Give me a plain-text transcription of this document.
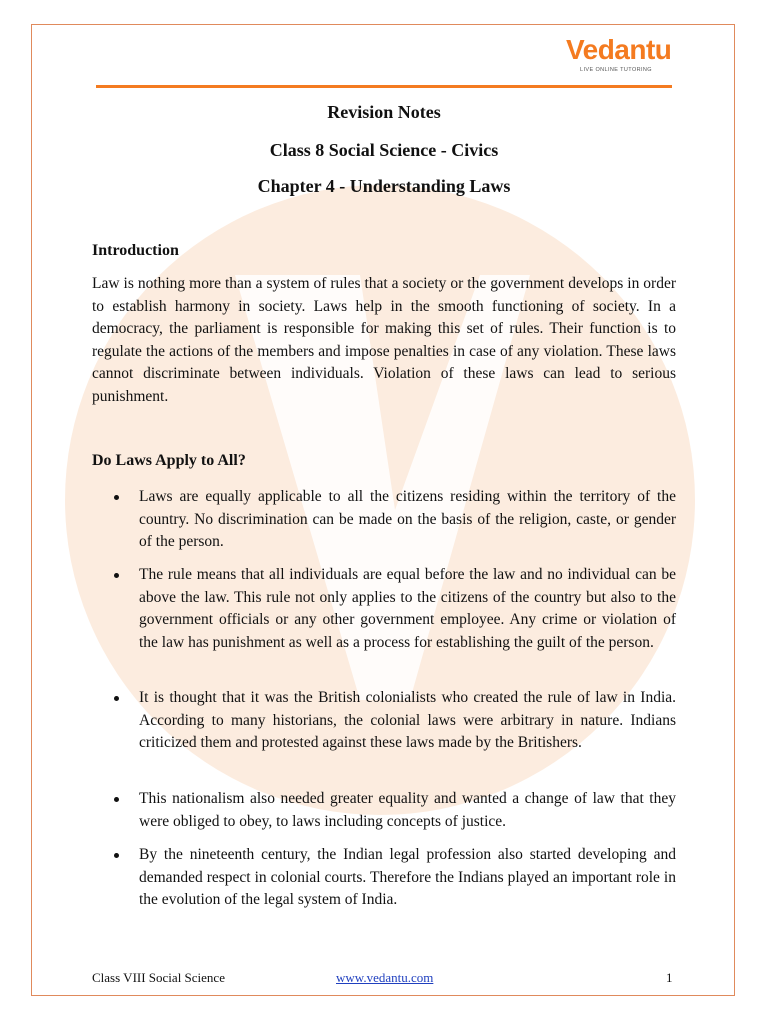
Vedantu
LIVE ONLINE TUTORING
Revision Notes
Class 8 Social Science - Civics
Chapter 4 - Understanding Laws
Introduction
Law is nothing more than a system of rules that a society or the government develops in order to establish harmony in society. Laws help in the smooth functioning of society. In a democracy, the parliament is responsible for making this set of rules. Their function is to regulate the actions of the members and impose penalties in case of any violation. These laws cannot discriminate between individuals. Violation of these laws can lead to serious punishment.
Do Laws Apply to All?
Laws are equally applicable to all the citizens residing within the territory of the country. No discrimination can be made on the basis of the religion, caste, or gender of the person.
The rule means that all individuals are equal before the law and no individual can be above the law. This rule not only applies to the citizens of the country but also to the government officials or any other government employee. Any crime or violation of the law has punishment as well as a process for establishing the guilt of the person.
It is thought that it was the British colonialists who created the rule of law in India. According to many historians, the colonial laws were arbitrary in nature. Indians criticized them and protested against these laws made by the Britishers.
This nationalism also needed greater equality and wanted a change of law that they were obliged to obey, to laws including concepts of justice.
By the nineteenth century, the Indian legal profession also started developing and demanded respect in colonial courts. Therefore the Indians played an important role in the evolution of the legal system of India.
Class VIII Social Science	www.vedantu.com	1
